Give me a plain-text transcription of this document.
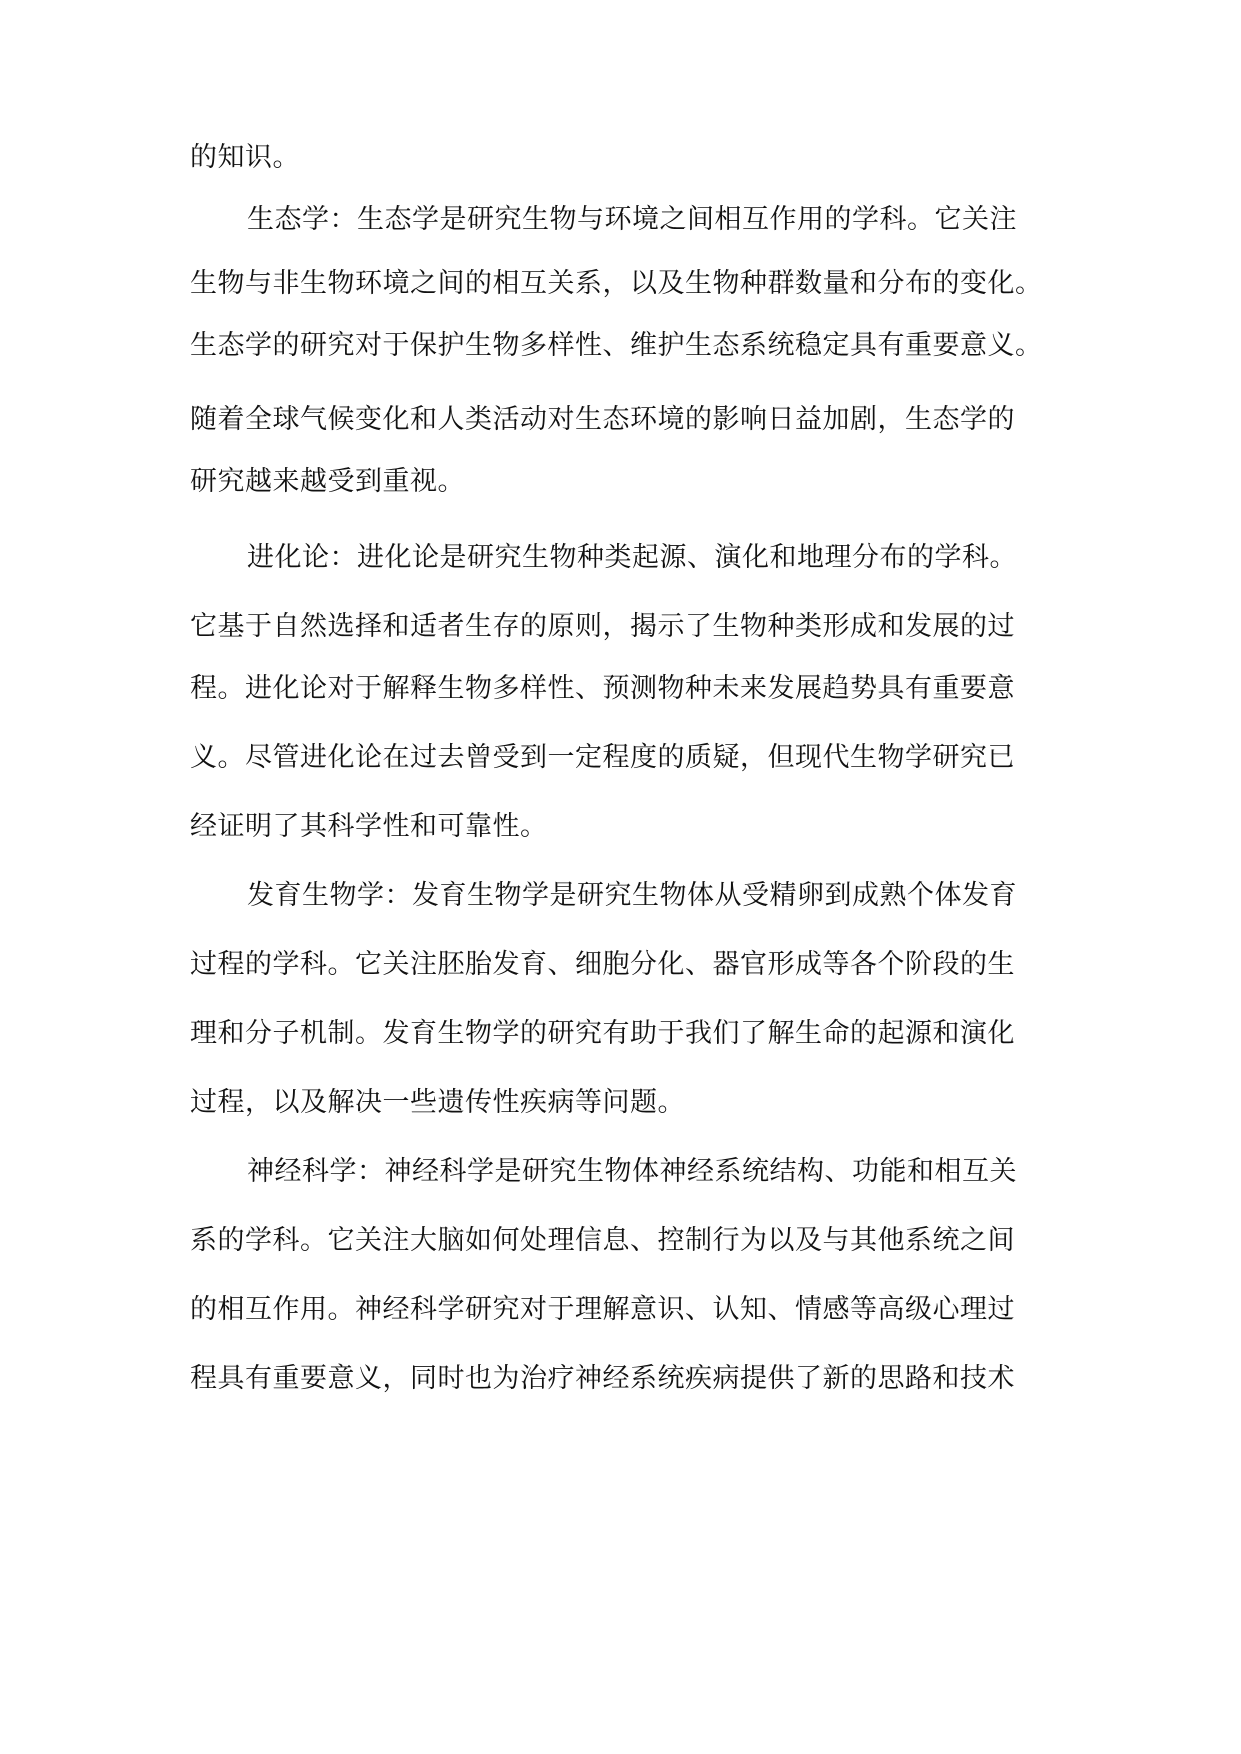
的知识。
生态学：生态学是研究生物与环境之间相互作用的学科。它关注
生物与非生物环境之间的相互关系，以及生物种群数量和分布的变化。
生态学的研究对于保护生物多样性、维护生态系统稳定具有重要意义。
随着全球气候变化和人类活动对生态环境的影响日益加剧，生态学的
研究越来越受到重视。
进化论：进化论是研究生物种类起源、演化和地理分布的学科。
它基于自然选择和适者生存的原则，揭示了生物种类形成和发展的过
程。进化论对于解释生物多样性、预测物种未来发展趋势具有重要意
义。尽管进化论在过去曾受到一定程度的质疑，但现代生物学研究已
经证明了其科学性和可靠性。
发育生物学：发育生物学是研究生物体从受精卵到成熟个体发育
过程的学科。它关注胚胎发育、细胞分化、器官形成等各个阶段的生
理和分子机制。发育生物学的研究有助于我们了解生命的起源和演化
过程，以及解决一些遗传性疾病等问题。
神经科学：神经科学是研究生物体神经系统结构、功能和相互关
系的学科。它关注大脑如何处理信息、控制行为以及与其他系统之间
的相互作用。神经科学研究对于理解意识、认知、情感等高级心理过
程具有重要意义，同时也为治疗神经系统疾病提供了新的思路和技术
